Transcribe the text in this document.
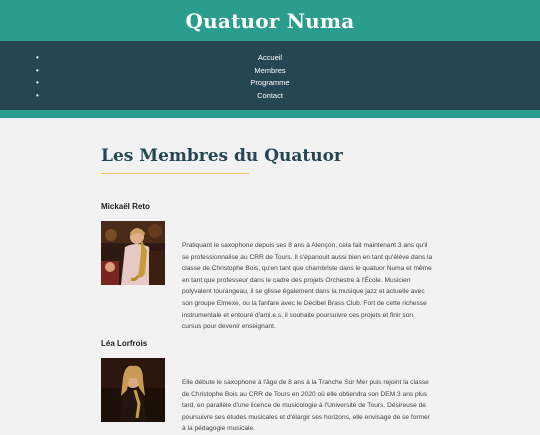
Quatuor Numa
• Accueil
• Membres
• Programme
• Contact
Les Membres du Quatuor
Mickaël Reto

Pratiquant le saxophone depuis ses 8 ans à Alençon, cela fait maintenant 3 ans qu'il se professionnalise au CRR de Tours. Il s'épanouit aussi bien en tant qu'élève dans la classe de Christophe Bois, qu'en tant que chambriste dans le quatuor Numa et même en tant que professeur dans le cadre des projets Orchestre à l'École. Musicien polyvalent tourangeau, il se glisse également dans la musique jazz et actuelle avec son groupe Elmexe, ou la fanfare avec le Décibel Brass Club. Fort de cette richesse instrumentale et entouré d'ami.e.s, il souhaite poursuivre ces projets et finir son cursus pour devenir enseignant.

Léa Lorfrois

Elle débute le saxophone à l'âge de 8 ans à la Tranche Sur Mer puis rejoint la classe de Christophe Bois au CRR de Tours en 2020 où elle obtiendra son DEM 3 ans plus tard, en parallèle d'une licence de musicologie à l'Université de Tours. Désireuse de poursuivre ses études musicales et d'élargir ses horizons, elle envisage de se former à la pédagogie musicale.
